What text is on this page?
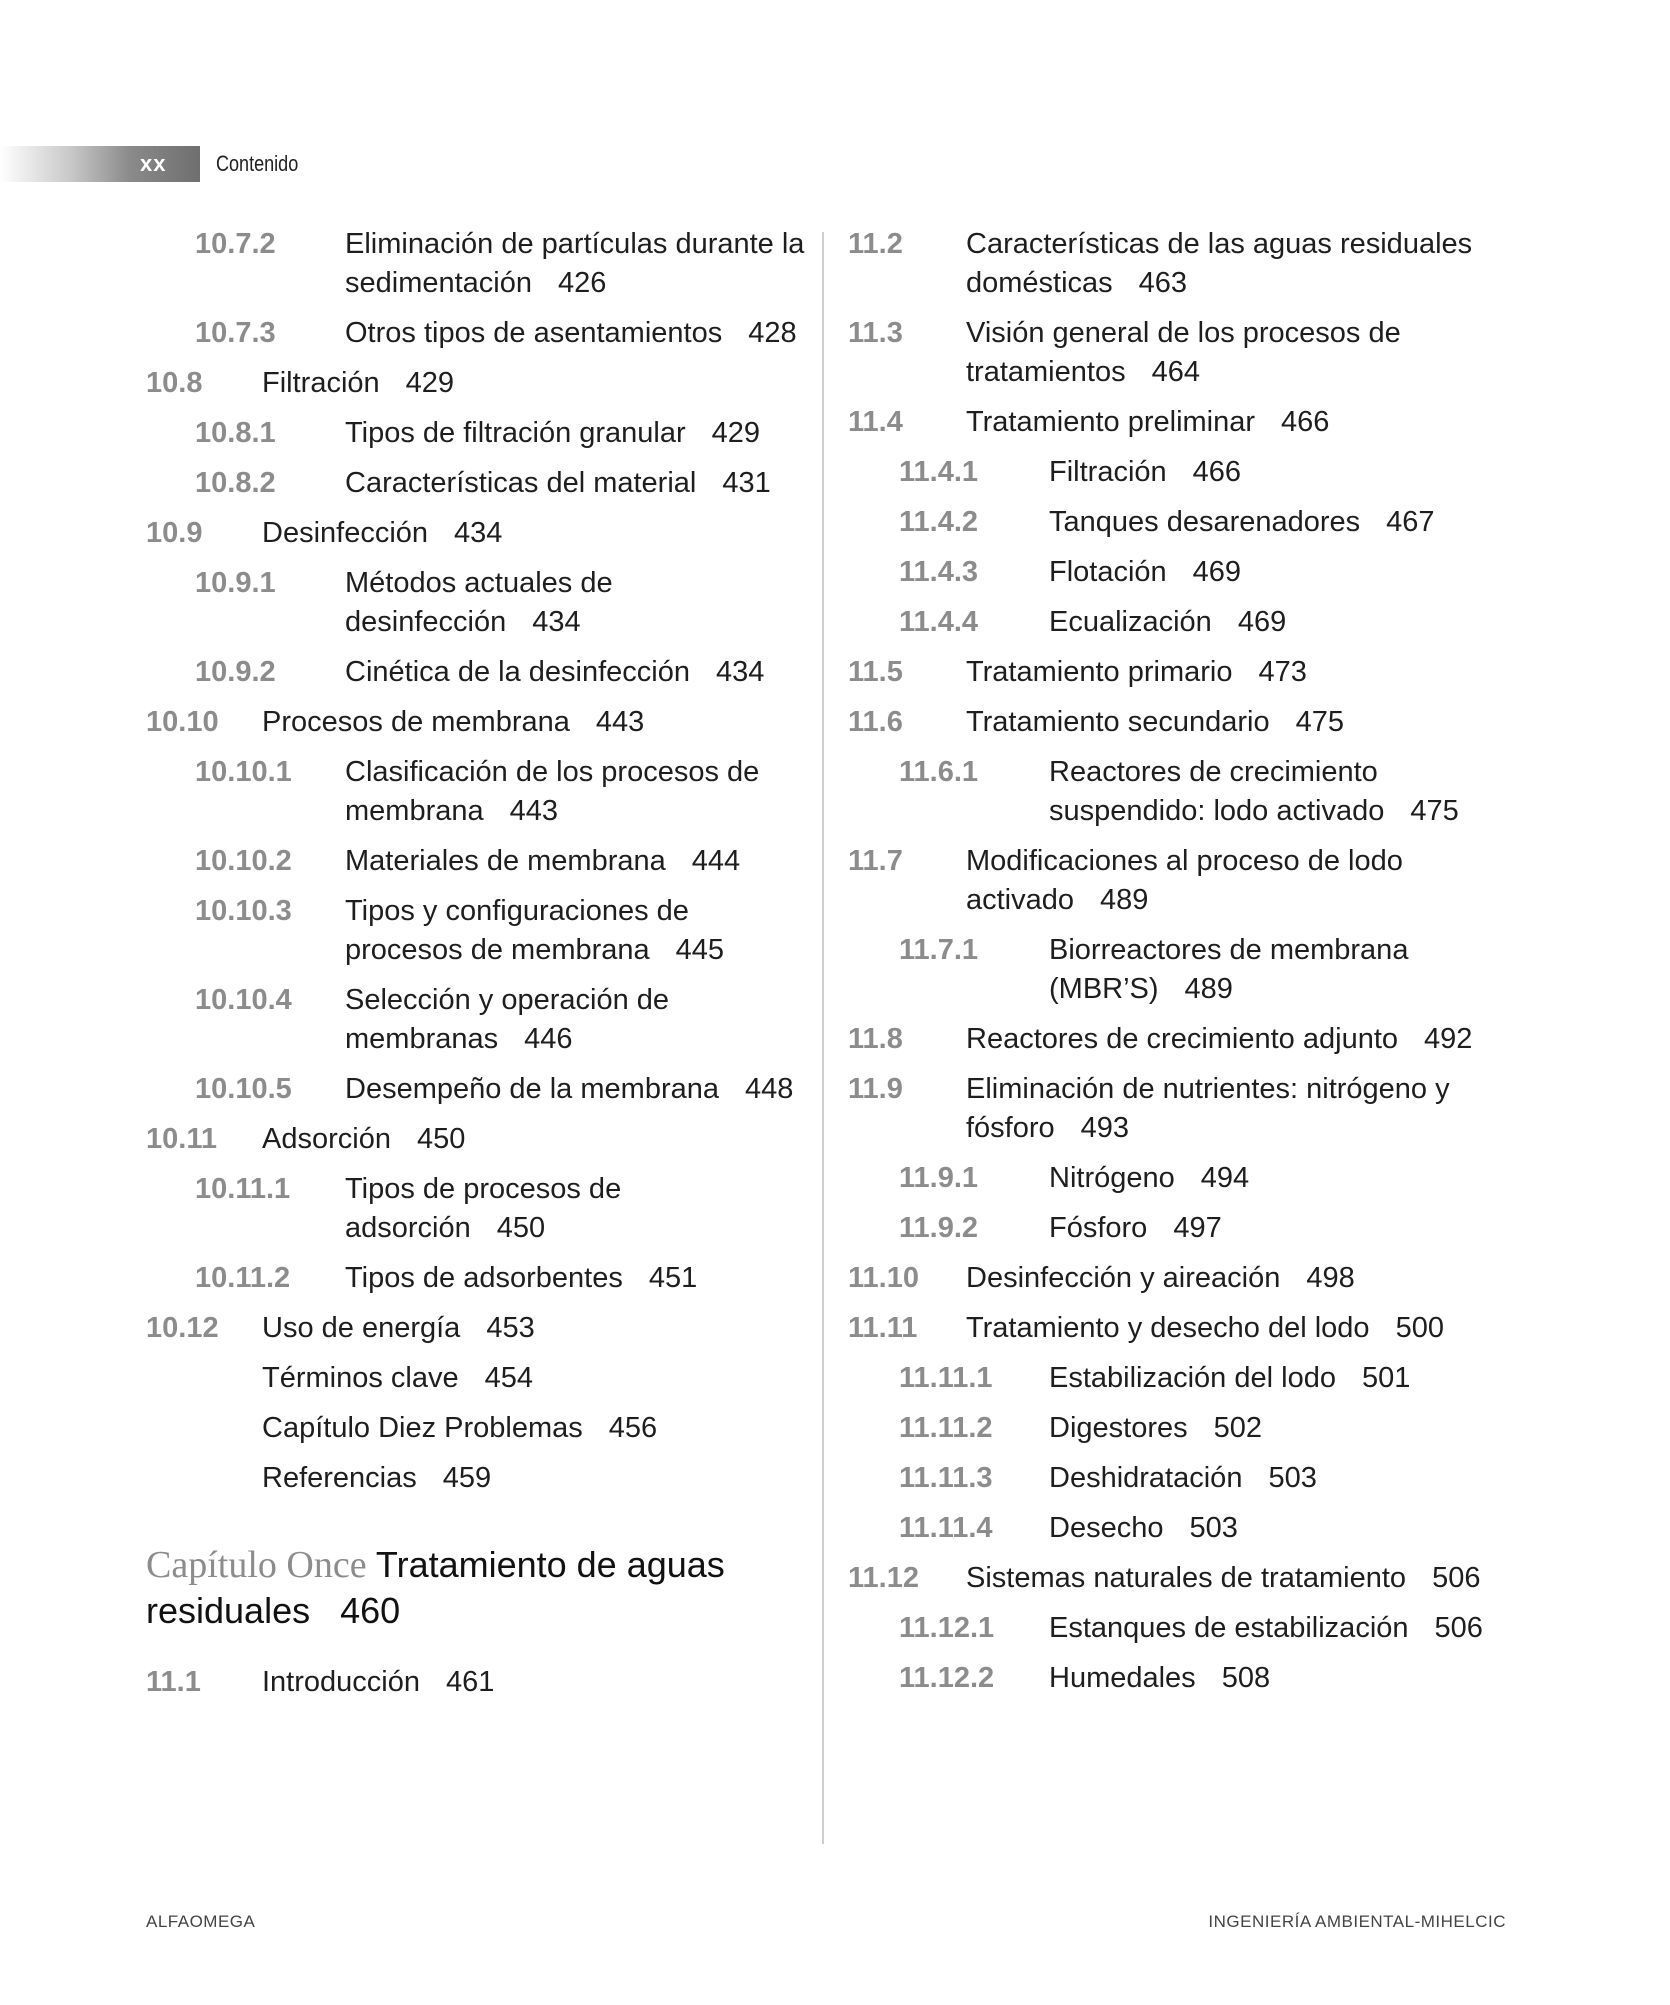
xx	Contenido
10.7.2	Eliminación de partículas durante la sedimentación 426
10.7.3	Otros tipos de asentamientos 428
10.8	Filtración 429
10.8.1	Tipos de filtración granular 429
10.8.2	Características del material 431
10.9	Desinfección 434
10.9.1	Métodos actuales de desinfección 434
10.9.2	Cinética de la desinfección 434
10.10	Procesos de membrana 443
10.10.1	Clasificación de los procesos de membrana 443
10.10.2	Materiales de membrana 444
10.10.3	Tipos y configuraciones de procesos de membrana 445
10.10.4	Selección y operación de membranas 446
10.10.5	Desempeño de la membrana 448
10.11	Adsorción 450
10.11.1	Tipos de procesos de adsorción 450
10.11.2	Tipos de adsorbentes 451
10.12	Uso de energía 453
Términos clave 454
Capítulo Diez Problemas 456
Referencias 459
Capítulo Once Tratamiento de aguas residuales 460
11.1	Introducción 461
11.2	Características de las aguas residuales domésticas 463
11.3	Visión general de los procesos de tratamientos 464
11.4	Tratamiento preliminar 466
11.4.1	Filtración 466
11.4.2	Tanques desarenadores 467
11.4.3	Flotación 469
11.4.4	Ecualización 469
11.5	Tratamiento primario 473
11.6	Tratamiento secundario 475
11.6.1	Reactores de crecimiento suspendido: lodo activado 475
11.7	Modificaciones al proceso de lodo activado 489
11.7.1	Biorreactores de membrana (MBR’S) 489
11.8	Reactores de crecimiento adjunto 492
11.9	Eliminación de nutrientes: nitrógeno y fósforo 493
11.9.1	Nitrógeno 494
11.9.2	Fósforo 497
11.10	Desinfección y aireación 498
11.11	Tratamiento y desecho del lodo 500
11.11.1	Estabilización del lodo 501
11.11.2	Digestores 502
11.11.3	Deshidratación 503
11.11.4	Desecho 503
11.12	Sistemas naturales de tratamiento 506
11.12.1	Estanques de estabilización 506
11.12.2	Humedales 508
ALFAOMEGA	INGENIERÍA AMBIENTAL-MIHELCIC
